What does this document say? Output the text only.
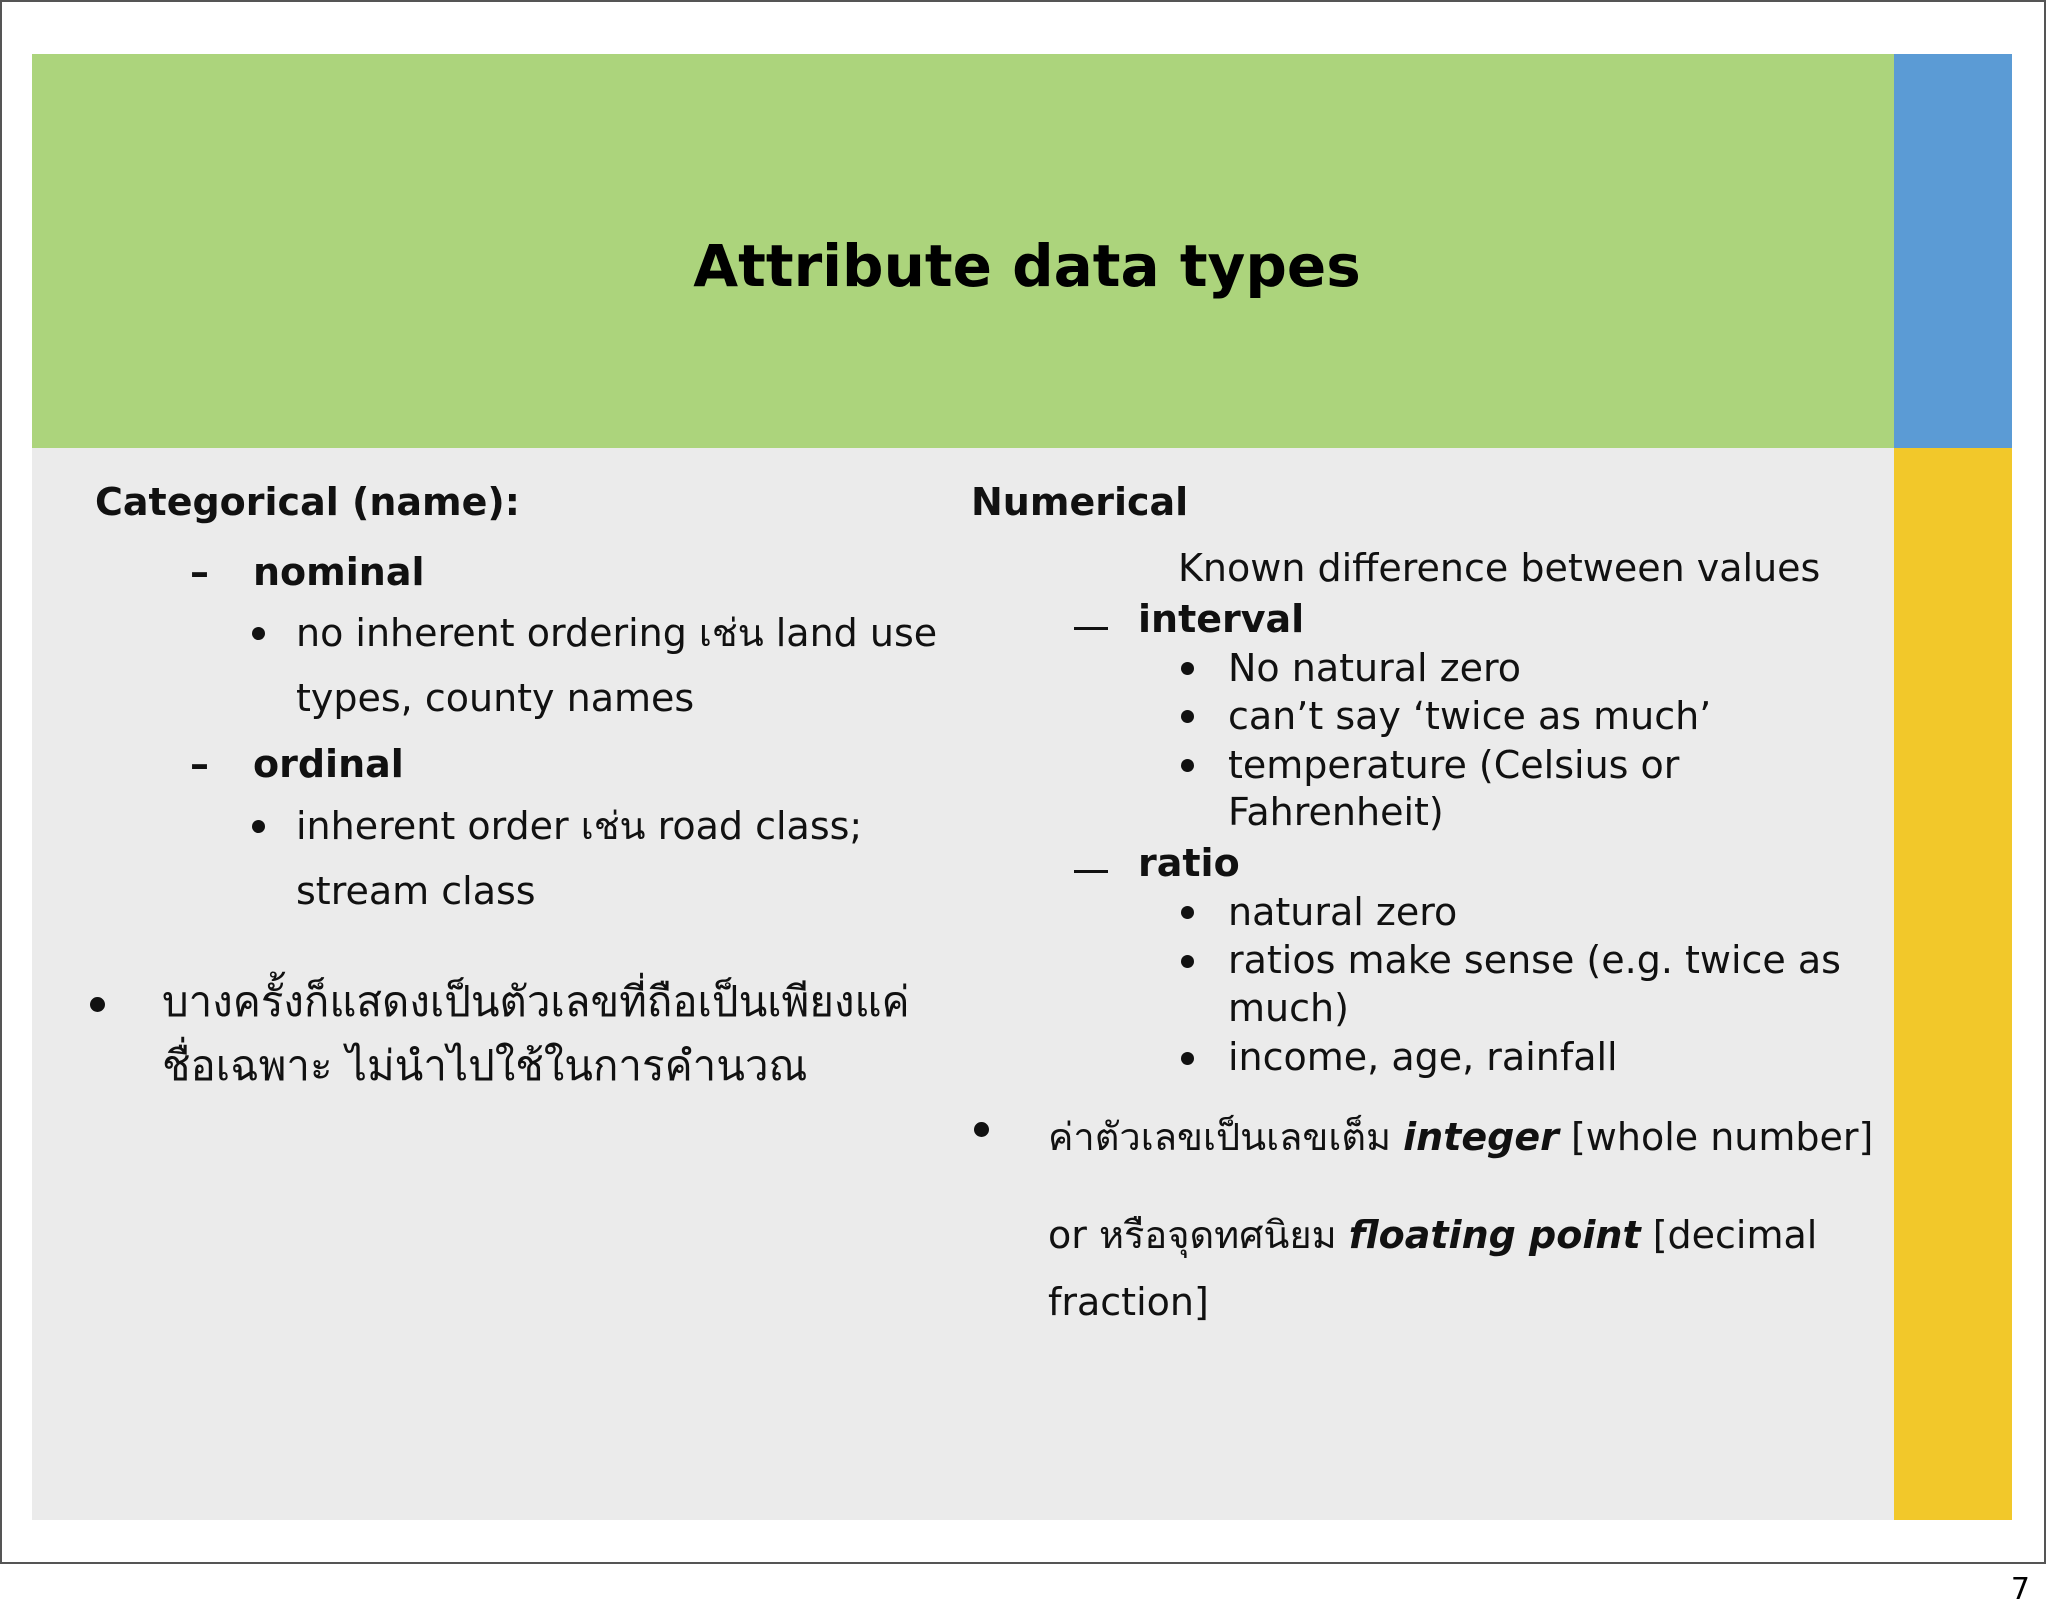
Attribute data types
Categorical (name):
– nominal
no inherent ordering เช่น land use
types, county names
– ordinal
inherent order เช่น road class;
stream class
บางครั้งก็แสดงเป็นตัวเลขที่ถือเป็นเพียงแค่
ชื่อเฉพาะ ไม่นำไปใช้ในการคำนวณ
Numerical
Known difference between values
interval
No natural zero
can’t say ‘twice as much’
temperature (Celsius or
Fahrenheit)
ratio
natural zero
ratios make sense (e.g. twice as
much)
income, age, rainfall
ค่าตัวเลขเป็นเลขเต็ม integer [whole number]
or หรือจุดทศนิยม floating point [decimal
fraction]
7
